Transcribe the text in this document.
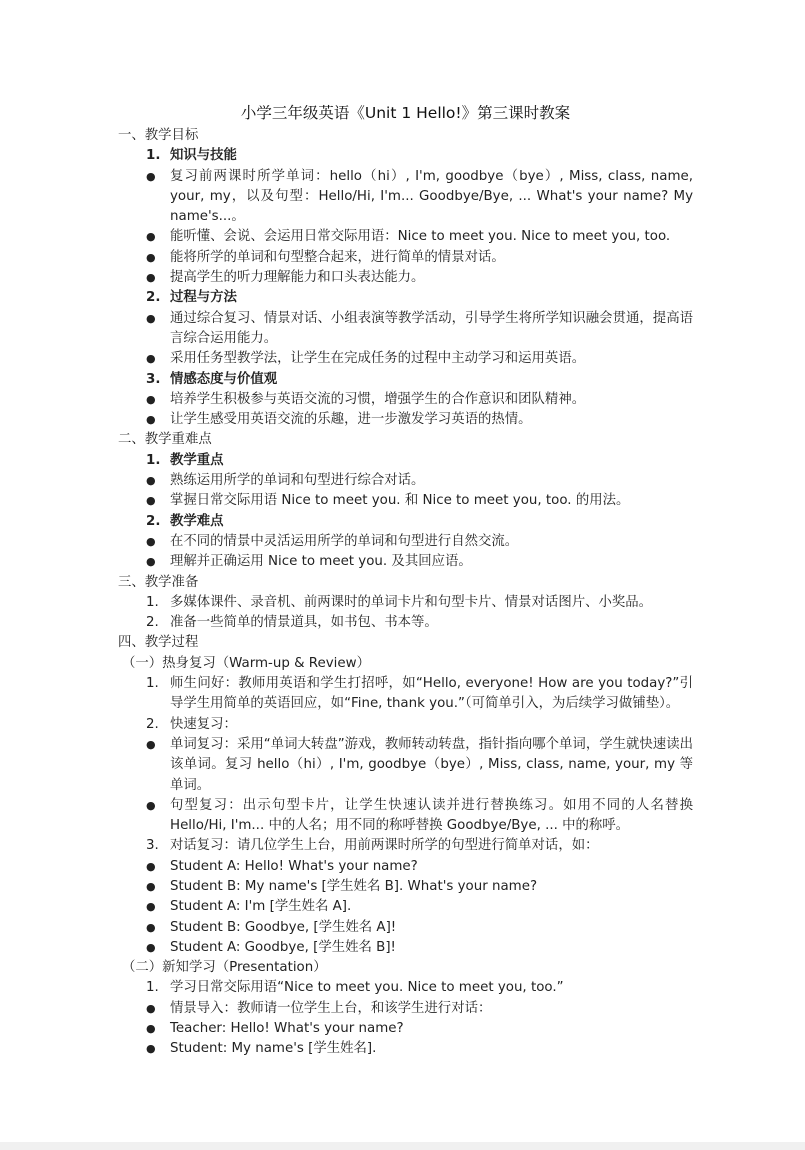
小学三年级英语《Unit 1 Hello!》第三课时教案
一、教学目标
1. 知识与技能
●
复习前两课时所学单词：hello（hi）, I'm, goodbye（bye）, Miss, class, name, your, my，以及句型：Hello/Hi, I'm... Goodbye/Bye, ... What's your name? My name's...。
●
能听懂、会说、会运用日常交际用语：Nice to meet you. Nice to meet you, too.
●
能将所学的单词和句型整合起来，进行简单的情景对话。
●
提高学生的听力理解能力和口头表达能力。
2. 过程与方法
●
通过综合复习、情景对话、小组表演等教学活动，引导学生将所学知识融会贯通，提高语言综合运用能力。
●
采用任务型教学法，让学生在完成任务的过程中主动学习和运用英语。
3. 情感态度与价值观
●
培养学生积极参与英语交流的习惯，增强学生的合作意识和团队精神。
●
让学生感受用英语交流的乐趣，进一步激发学习英语的热情。
二、教学重难点
1. 教学重点
●
熟练运用所学的单词和句型进行综合对话。
●
掌握日常交际用语 Nice to meet you. 和 Nice to meet you, too. 的用法。
2. 教学难点
●
在不同的情景中灵活运用所学的单词和句型进行自然交流。
●
理解并正确运用 Nice to meet you. 及其回应语。
三、教学准备
1. 多媒体课件、录音机、前两课时的单词卡片和句型卡片、情景对话图片、小奖品。
2. 准备一些简单的情景道具，如书包、书本等。
四、教学过程
（一）热身复习（Warm-up & Review）
1. 师生问好：教师用英语和学生打招呼，如“Hello, everyone! How are you today?”引导学生用简单的英语回应，如“Fine, thank you.”（可简单引入，为后续学习做铺垫）。
2. 快速复习：
●
单词复习：采用“单词大转盘”游戏，教师转动转盘，指针指向哪个单词，学生就快速读出该单词。复习 hello（hi）, I'm, goodbye（bye）, Miss, class, name, your, my 等单词。
●
句型复习：出示句型卡片，让学生快速认读并进行替换练习。如用不同的人名替换 Hello/Hi, I'm... 中的人名；用不同的称呼替换 Goodbye/Bye, ... 中的称呼。
3. 对话复习：请几位学生上台，用前两课时所学的句型进行简单对话，如：
●
Student A: Hello! What's your name?
●
Student B: My name's [学生姓名 B]. What's your name?
●
Student A: I'm [学生姓名 A].
●
Student B: Goodbye, [学生姓名 A]!
●
Student A: Goodbye, [学生姓名 B]!
（二）新知学习（Presentation）
1. 学习日常交际用语“Nice to meet you. Nice to meet you, too.”
●
情景导入：教师请一位学生上台，和该学生进行对话：
●
Teacher: Hello! What's your name?
●
Student: My name's [学生姓名].
